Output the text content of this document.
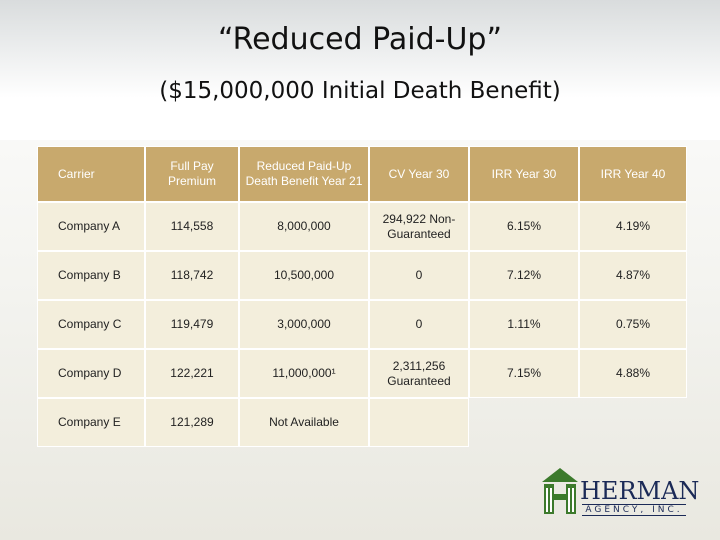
“Reduced Paid-Up”
($15,000,000 Initial Death Benefit)
Carrier	Full Pay Premium	Reduced Paid-Up Death Benefit Year 21	CV Year 30	IRR Year 30	IRR Year 40
Company A	114,558	8,000,000	294,922 Non-Guaranteed	6.15%	4.19%
Company B	118,742	10,500,000	0	7.12%	4.87%
Company C	119,479	3,000,000	0	1.11%	0.75%
Company D	122,221	11,000,000¹	2,311,256 Guaranteed	7.15%	4.88%
Company E	121,289	Not Available			
HERMAN
AGENCY, INC.
